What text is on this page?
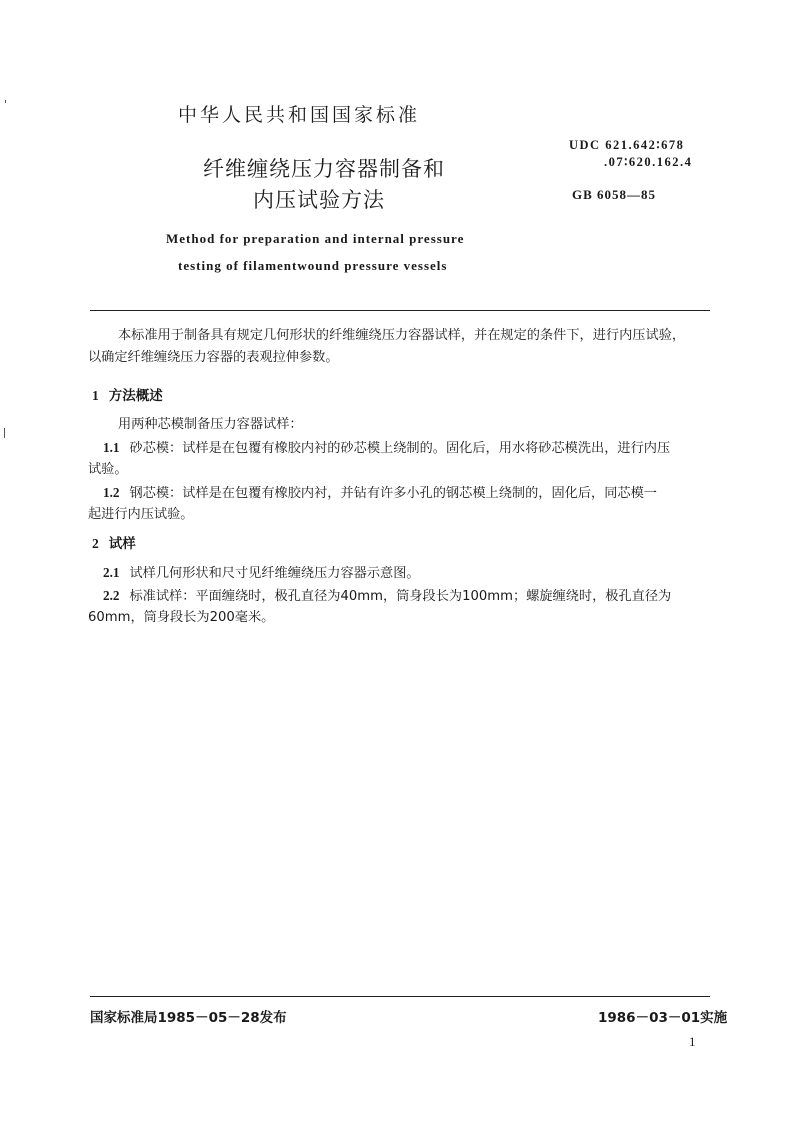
中华人民共和国国家标准
纤维缠绕压力容器制备和
内压试验方法
UDC 621.642∶678
.07∶620.162.4
GB 6058—85
Method for preparation and internal pressure
testing of filamentwound pressure vessels
本标准用于制备具有规定几何形状的纤维缠绕压力容器试样，并在规定的条件下，进行内压试验，
以确定纤维缠绕压力容器的表观拉伸参数。
1 方法概述
用两种芯模制备压力容器试样：
1.1 砂芯模：试样是在包覆有橡胶内衬的砂芯模上绕制的。固化后，用水将砂芯模洗出，进行内压
试验。
1.2 钢芯模：试样是在包覆有橡胶内衬，并钻有许多小孔的钢芯模上绕制的，固化后，同芯模一
起进行内压试验。
2 试样
2.1 试样几何形状和尺寸见纤维缠绕压力容器示意图。
2.2 标准试样：平面缠绕时，极孔直径为40mm，筒身段长为100mm；螺旋缠绕时，极孔直径为
60mm，筒身段长为200毫米。
国家标准局1985－05－28发布	1986－03－01实施
1
